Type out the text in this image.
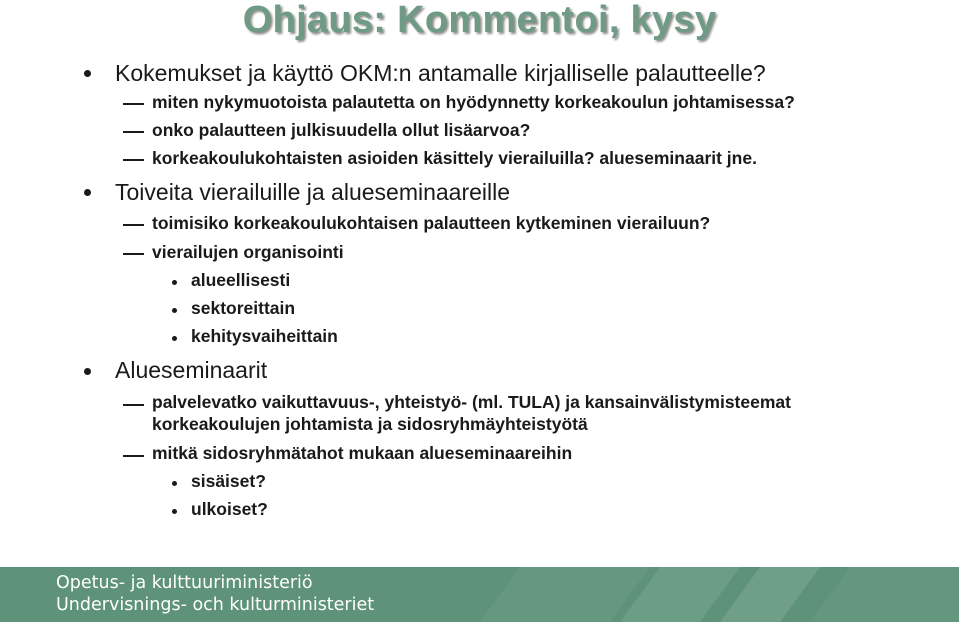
Ohjaus: Kommentoi, kysy
Kokemukset ja käyttö OKM:n antamalle kirjalliselle palautteelle?
miten nykymuotoista palautetta on hyödynnetty korkeakoulun johtamisessa?
onko palautteen julkisuudella ollut lisäarvoa?
korkeakoulukohtaisten asioiden käsittely vierailuilla? alueseminaarit jne.
Toiveita vierailuille ja alueseminaareille
toimisiko korkeakoulukohtaisen palautteen kytkeminen vierailuun?
vierailujen organisointi
alueellisesti
sektoreittain
kehitysvaiheittain
Alueseminaarit
palvelevatko vaikuttavuus-, yhteistyö- (ml. TULA) ja kansainvälistymisteemat
korkeakoulujen johtamista ja sidosryhmäyhteistyötä
mitkä sidosryhmätahot mukaan alueseminaareihin
sisäiset?
ulkoiset?
Opetus- ja kulttuuriministeriö
Undervisnings- och kulturministeriet
